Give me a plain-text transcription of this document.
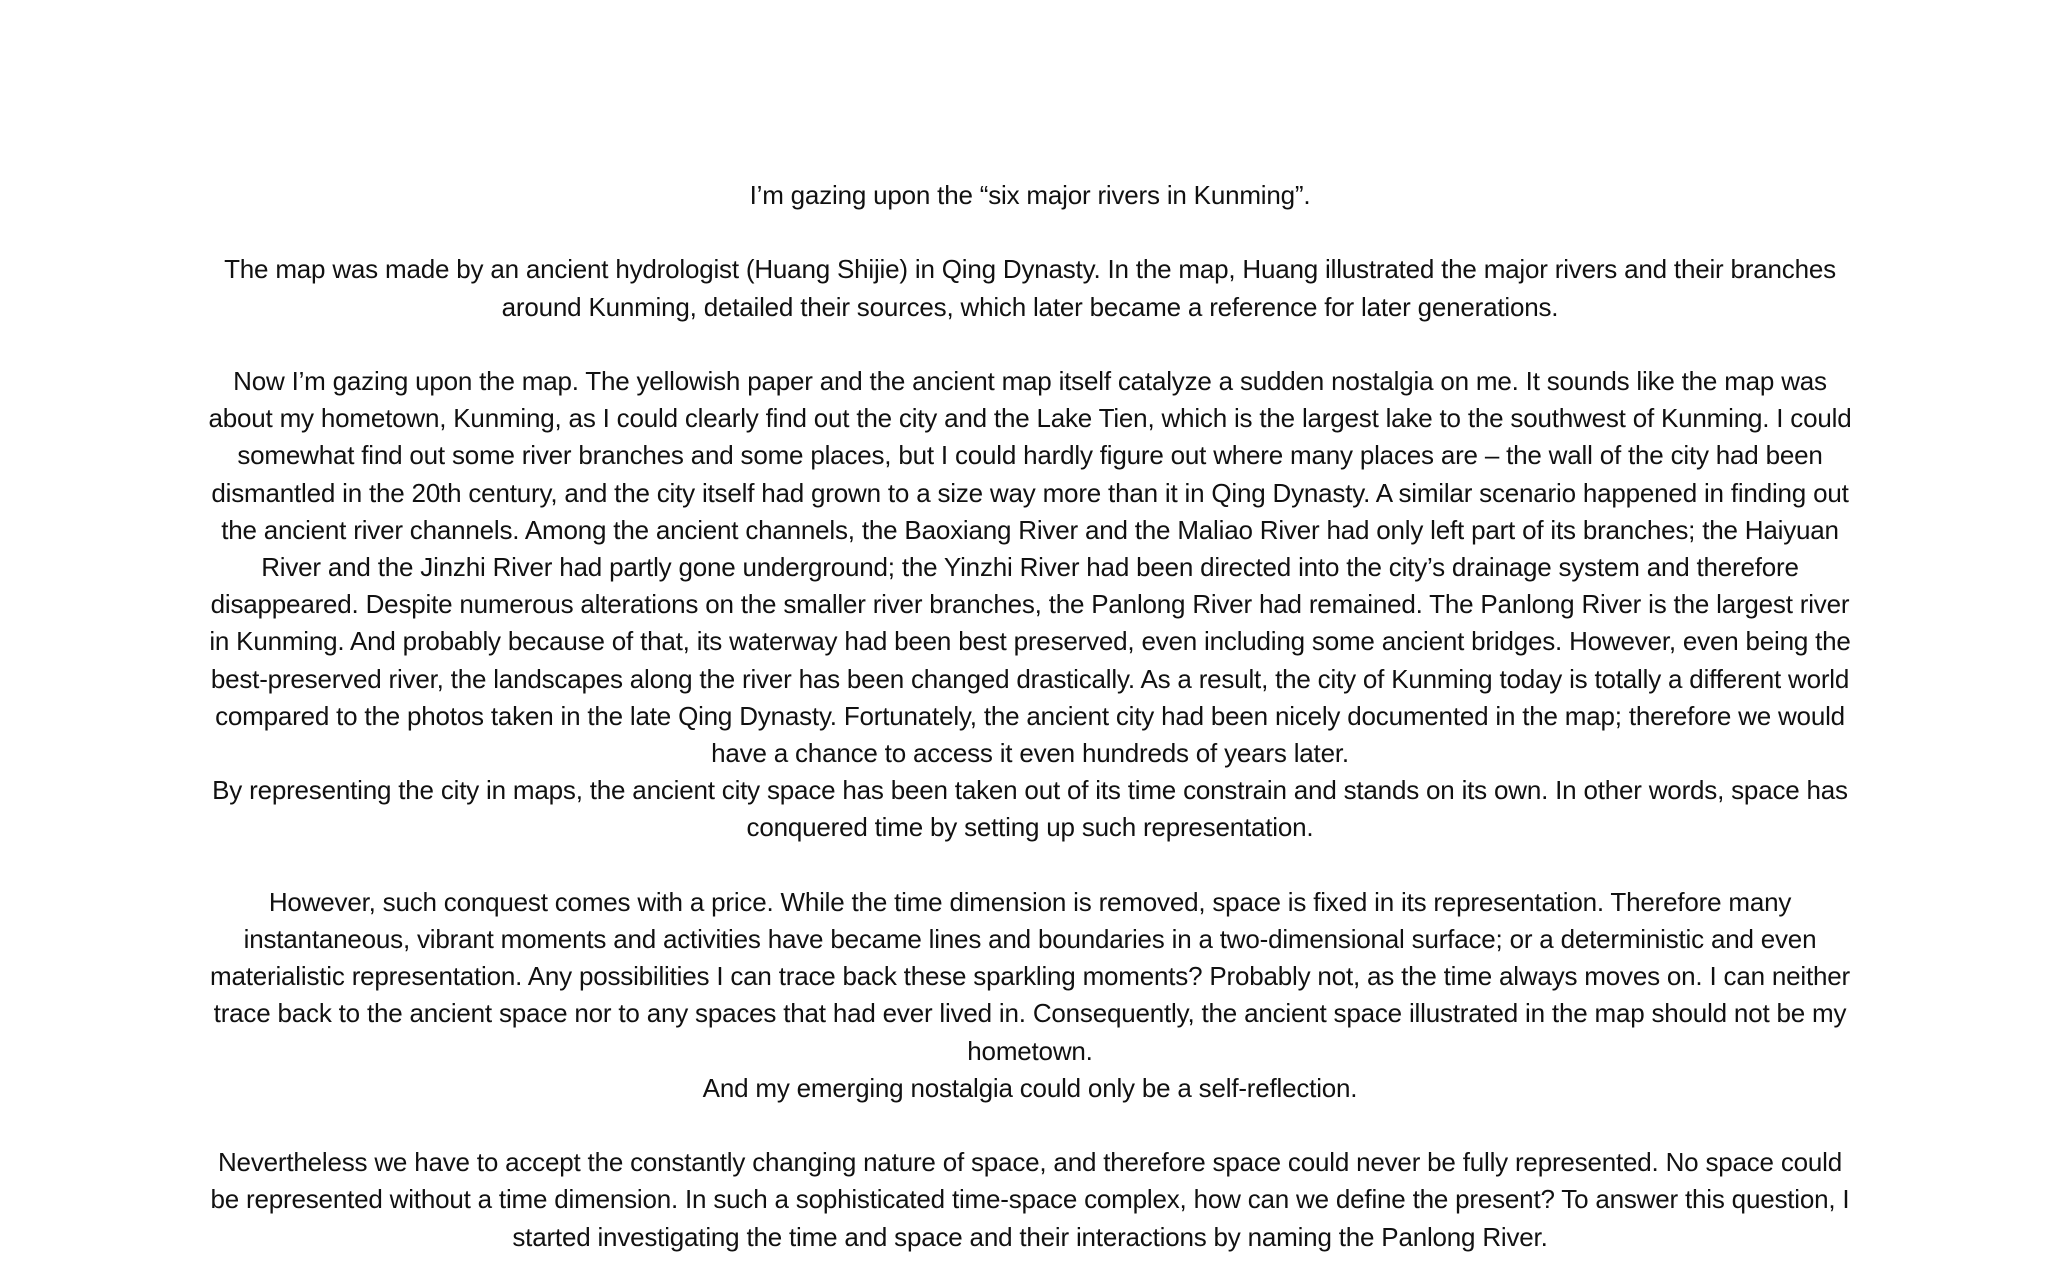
I’m gazing upon the “six major rivers in Kunming”.

The map was made by an ancient hydrologist (Huang Shijie) in Qing Dynasty. In the map, Huang illustrated the major rivers and their branches around Kunming, detailed their sources, which later became a reference for later generations.

Now I’m gazing upon the map. The yellowish paper and the ancient map itself catalyze a sudden nostalgia on me. It sounds like the map was about my hometown, Kunming, as I could clearly find out the city and the Lake Tien, which is the largest lake to the southwest of Kunming. I could somewhat find out some river branches and some places, but I could hardly figure out where many places are – the wall of the city had been dismantled in the 20th century, and the city itself had grown to a size way more than it in Qing Dynasty. A similar scenario happened in finding out the ancient river channels. Among the ancient channels, the Baoxiang River and the Maliao River had only left part of its branches; the Haiyuan River and the Jinzhi River had partly gone underground; the Yinzhi River had been directed into the city’s drainage system and therefore disappeared. Despite numerous alterations on the smaller river branches, the Panlong River had remained. The Panlong River is the largest river in Kunming. And probably because of that, its waterway had been best preserved, even including some ancient bridges. However, even being the best-preserved river, the landscapes along the river has been changed drastically. As a result, the city of Kunming today is totally a different world compared to the photos taken in the late Qing Dynasty. Fortunately, the ancient city had been nicely documented in the map; therefore we would have a chance to access it even hundreds of years later.

By representing the city in maps, the ancient city space has been taken out of its time constrain and stands on its own. In other words, space has conquered time by setting up such representation.

However, such conquest comes with a price. While the time dimension is removed, space is fixed in its representation. Therefore many instantaneous, vibrant moments and activities have became lines and boundaries in a two-dimensional surface; or a deterministic and even materialistic representation. Any possibilities I can trace back these sparkling moments? Probably not, as the time always moves on. I can neither trace back to the ancient space nor to any spaces that had ever lived in. Consequently, the ancient space illustrated in the map should not be my hometown.

And my emerging nostalgia could only be a self-reflection.

Nevertheless we have to accept the constantly changing nature of space, and therefore space could never be fully represented. No space could be represented without a time dimension. In such a sophisticated time-space complex, how can we define the present? To answer this question, I started investigating the time and space and their interactions by naming the Panlong River.
